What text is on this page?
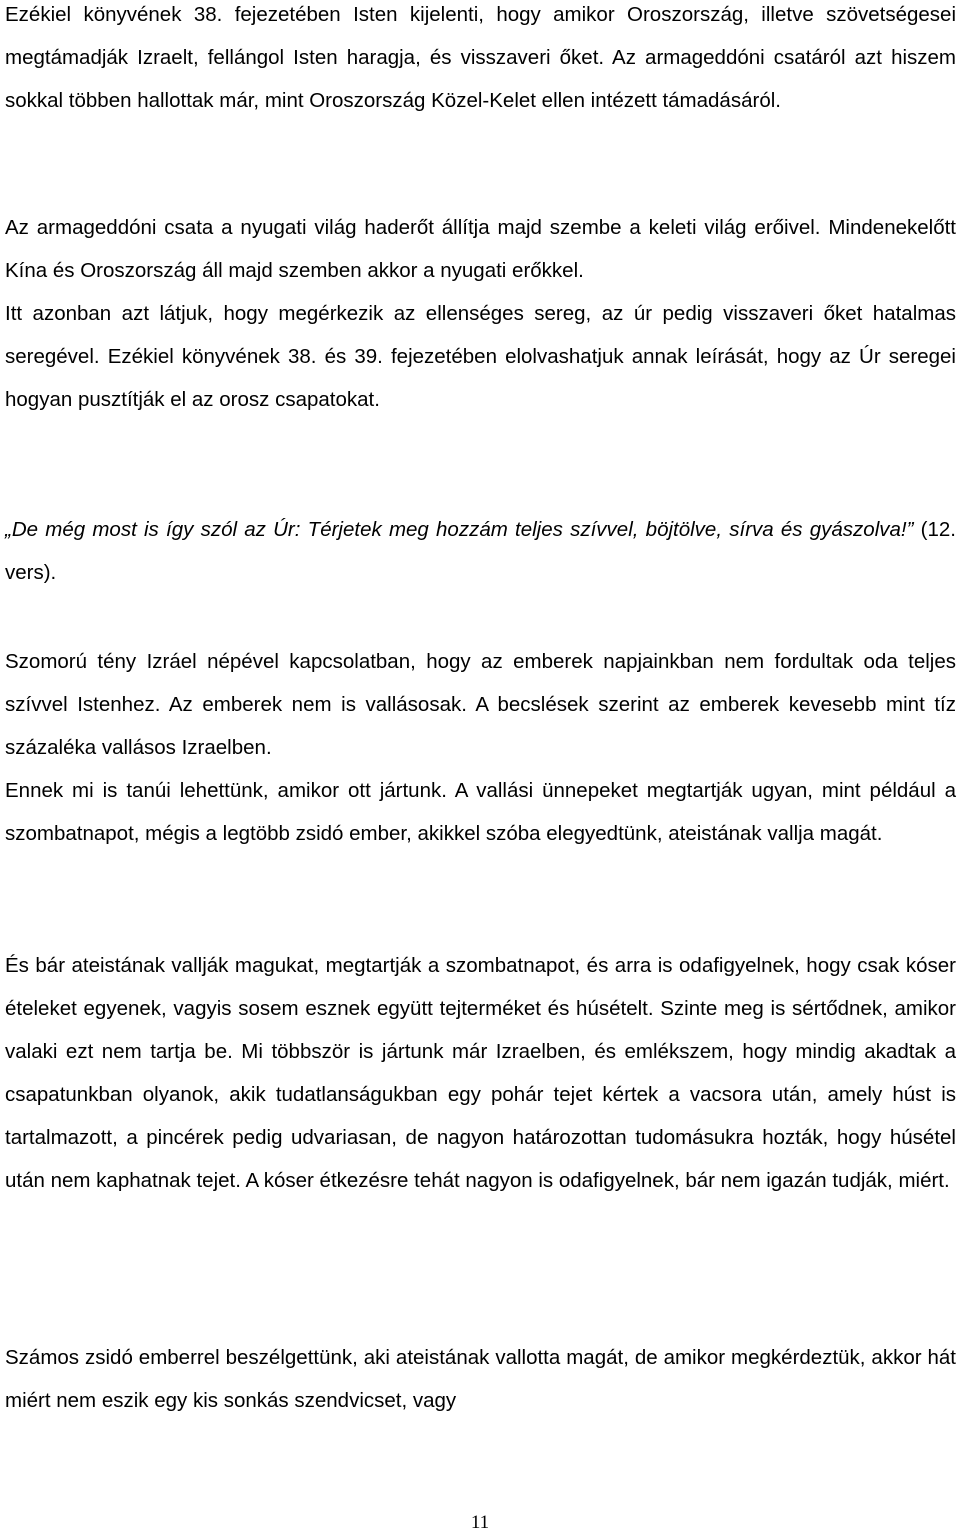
Ezékiel könyvének 38. fejezetében Isten kijelenti, hogy amikor Oroszország, illetve szövetségesei megtámadják Izraelt, fellángol Isten haragja, és visszaveri őket. Az armageddóni csatáról azt hiszem sokkal többen hallottak már, mint Oroszország Közel-Kelet ellen intézett támadásáról.
Az armageddóni csata a nyugati világ haderőt állítja majd szembe a keleti világ erőivel. Mindenekelőtt Kína és Oroszország áll majd szemben akkor a nyugati erőkkel.
Itt azonban azt látjuk, hogy megérkezik az ellenséges sereg, az úr pedig visszaveri őket hatalmas seregével. Ezékiel könyvének 38. és 39. fejezetében elolvashatjuk annak leírását, hogy az Úr seregei hogyan pusztítják el az orosz csapatokat.
„De még most is így szól az Úr: Térjetek meg hozzám teljes szívvel, böjtölve, sírva és gyászolva!” (12. vers).
Szomorú tény Izráel népével kapcsolatban, hogy az emberek napjainkban nem fordultak oda teljes szívvel Istenhez. Az emberek nem is vallásosak. A becslések szerint az emberek kevesebb mint tíz százaléka vallásos Izraelben.
Ennek mi is tanúi lehettünk, amikor ott jártunk. A vallási ünnepeket megtartják ugyan, mint például a szombatnapot, mégis a legtöbb zsidó ember, akikkel szóba elegyedtünk, ateistának vallja magát.
És bár ateistának vallják magukat, megtartják a szombatnapot, és arra is odafigyelnek, hogy csak kóser ételeket egyenek, vagyis sosem esznek együtt tejterméket és húsételt. Szinte meg is sértődnek, amikor valaki ezt nem tartja be. Mi többször is jártunk már Izraelben, és emlékszem, hogy mindig akadtak a csapatunkban olyanok, akik tudatlanságukban egy pohár tejet kértek a vacsora után, amely húst is tartalmazott, a pincérek pedig udvariasan, de nagyon határozottan tudomásukra hozták, hogy húsétel után nem kaphatnak tejet. A kóser étkezésre tehát nagyon is odafigyelnek, bár nem igazán tudják, miért.
Számos zsidó emberrel beszélgettünk, aki ateistának vallotta magát, de amikor megkérdeztük, akkor hát miért nem eszik egy kis sonkás szendvicset, vagy
11
